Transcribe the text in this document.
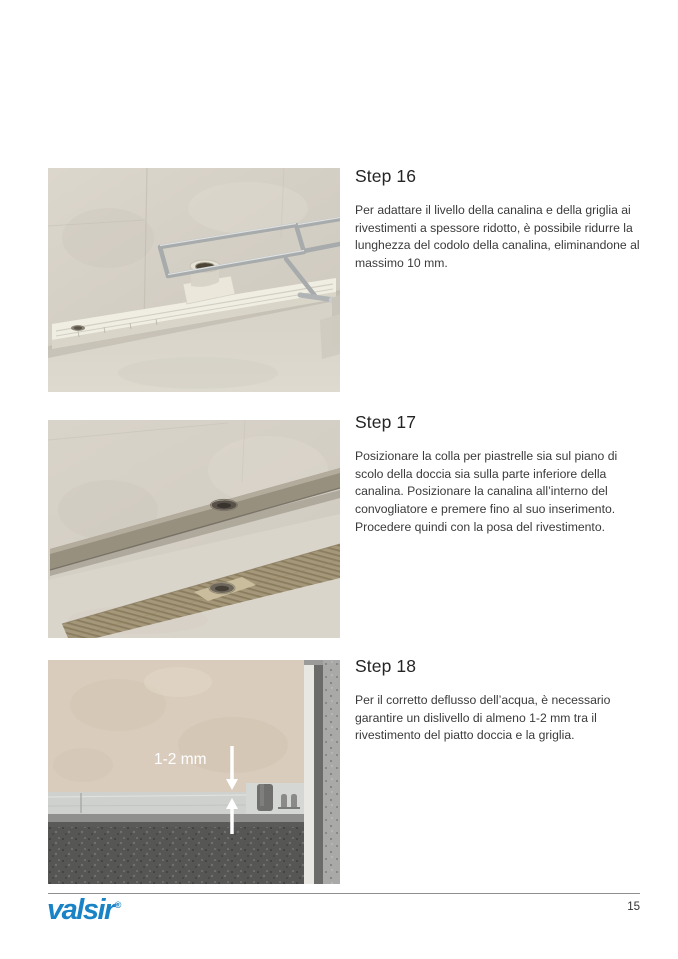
Step 16

Per adattare il livello della canalina e della griglia ai rivestimenti a spessore ridotto, è possibile ridurre la lunghezza del codolo della canalina, eliminandone al massimo 10 mm.

Step 17

Posizionare la colla per piastrelle sia sul piano di scolo della doccia sia sulla parte inferiore della canalina. Posizionare la canalina all’interno del convogliatore e premere fino al suo inserimento. Procedere quindi con la posa del rivestimento.

1-2 mm
Step 18

Per il corretto deflusso dell’acqua, è necessario garantire un dislivello di almeno 1-2 mm tra il rivestimento del piatto doccia e la griglia.

valsir®	15
